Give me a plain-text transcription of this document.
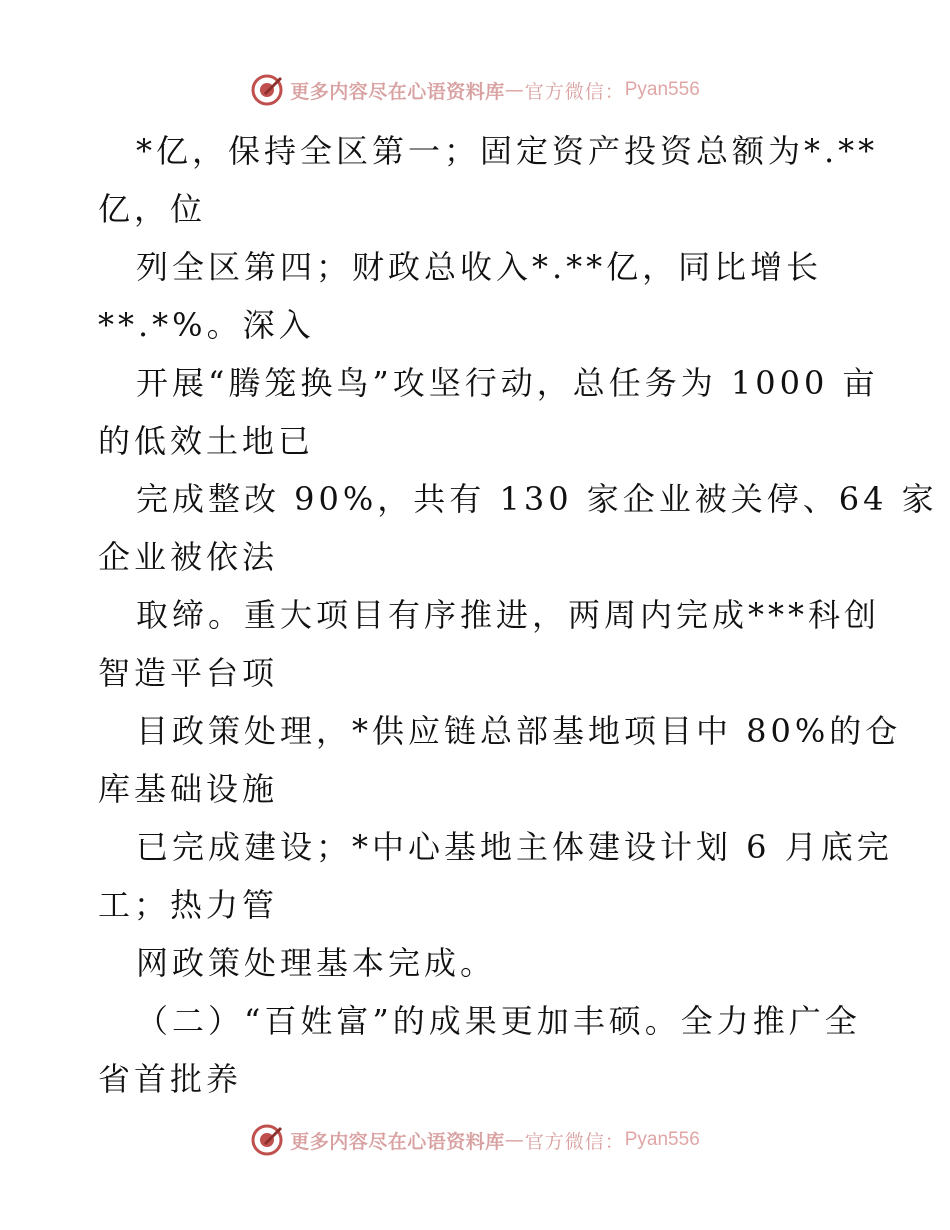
更多内容尽在心语资料库 — 官方微信： Pyan556
*亿，保持全区第一；固定资产投资总额为*.**
亿，位
列全区第四；财政总收入*.**亿，同比增长
**.*%。深入
开展“腾笼换鸟”攻坚行动，总任务为 1000 亩
的低效土地已
完成整改 90%，共有 130 家企业被关停、64 家
企业被依法
取缔。重大项目有序推进，两周内完成***科创
智造平台项
目政策处理，*供应链总部基地项目中 80%的仓
库基础设施
已完成建设；*中心基地主体建设计划 6 月底完
工；热力管
网政策处理基本完成。
（二）“百姓富”的成果更加丰硕。全力推广全
省首批养
更多内容尽在心语资料库 — 官方微信： Pyan556
